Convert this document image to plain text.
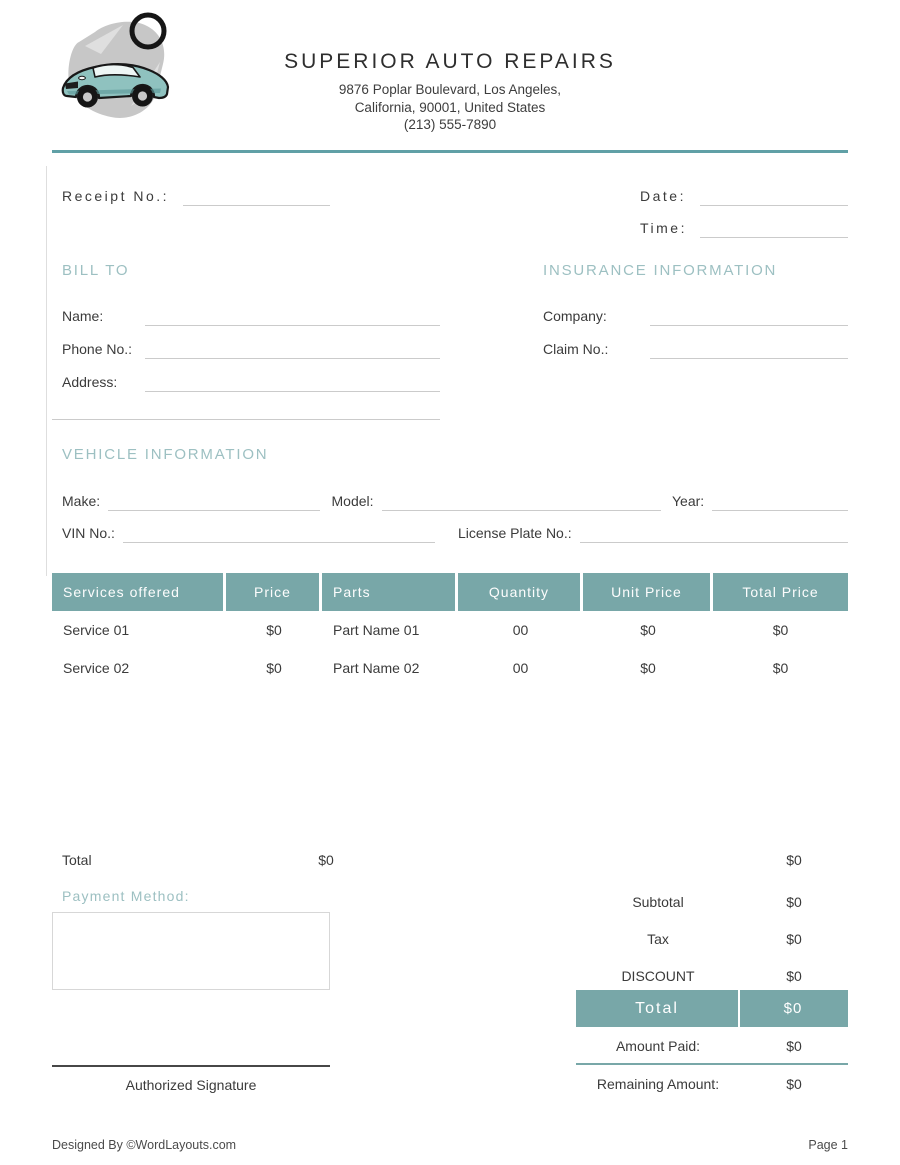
SUPERIOR AUTO REPAIRS
9876 Poplar Boulevard, Los Angeles,
California, 90001, United States
(213) 555-7890
Receipt No.:	Date:
Time:
BILL TO
Name:
Phone No.:
Address:
INSURANCE INFORMATION
Company:
Claim No.:
VEHICLE INFORMATION
Make:	Model:	Year:
VIN No.:	License Plate No.:
Services offered	Price	Parts	Quantity	Unit Price	Total Price
Service 01	$0	Part Name 01	00	$0	$0
Service 02	$0	Part Name 02	00	$0	$0
Total	$0	$0
Payment Method:	Subtotal	$0
Tax	$0
DISCOUNT	$0
Total	$0
Amount Paid:	$0
Remaining Amount:	$0
Authorized Signature
Designed By ©WordLayouts.com	Page 1
